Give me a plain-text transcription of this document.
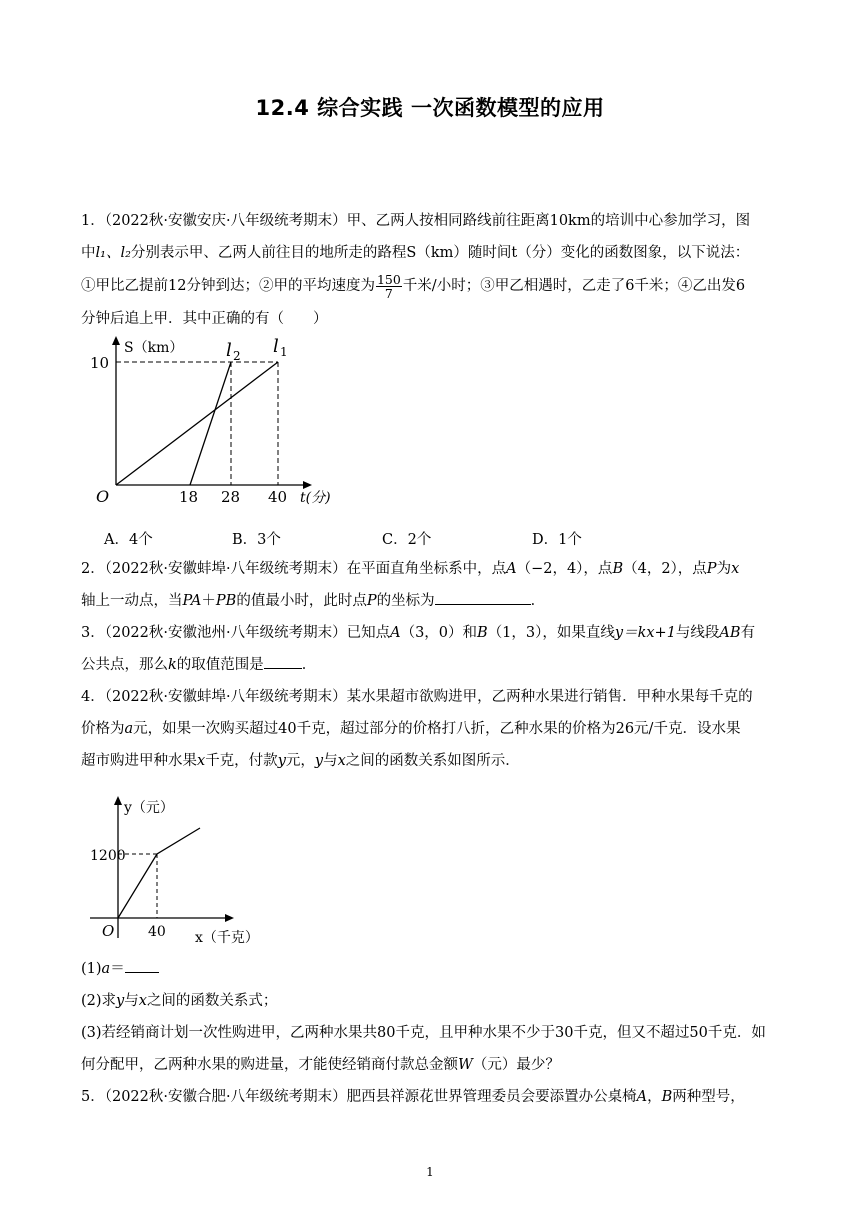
12.4 综合实践 一次函数模型的应用

1．（2022秋·安徽安庆·八年级统考期末）甲、乙两人按相同路线前往距离10km的培训中心参加学习，图

中l₁、l₂分别表示甲、乙两人前往目的地所走的路程S（km）随时间t（分）变化的函数图象，以下说法：

①甲比乙提前12分钟到达；②甲的平均速度为 $\frac{150}{7}$ 千米/小时；③甲乙相遇时，乙走了6千米；④乙出发6

分钟后追上甲．其中正确的有（　　）

S（km） l 2 l 1
10
O	18 28 40 t(分)
A．4个	B．3个	C．2个	D．1个

2．（2022秋·安徽蚌埠·八年级统考期末）在平面直角坐标系中，点A（−2，4），点B（4，2），点P为x

轴上一动点，当PA＋PB的值最小时，此时点P的坐标为	．

3．（2022秋·安徽池州·八年级统考期末）已知点A（3，0）和B（1，3），如果直线y＝kx+1与线段AB有

公共点，那么k的取值范围是	．

4．（2022秋·安徽蚌埠·八年级统考期末）某水果超市欲购进甲，乙两种水果进行销售．甲种水果每千克的

价格为a元，如果一次购买超过40千克，超过部分的价格打八折，乙种水果的价格为26元/千克．设水果

超市购进甲种水果x千克，付款y元，y与x之间的函数关系如图所示．

y（元）
1200
O 40 x（千克）

(1)a＝

(2)求y与x之间的函数关系式；

(3)若经销商计划一次性购进甲，乙两种水果共80千克，且甲种水果不少于30千克，但又不超过50千克．如

何分配甲，乙两种水果的购进量，才能使经销商付款总金额W（元）最少？

5．（2022秋·安徽合肥·八年级统考期末）肥西县祥源花世界管理委员会要添置办公桌椅A，B两种型号，

1
